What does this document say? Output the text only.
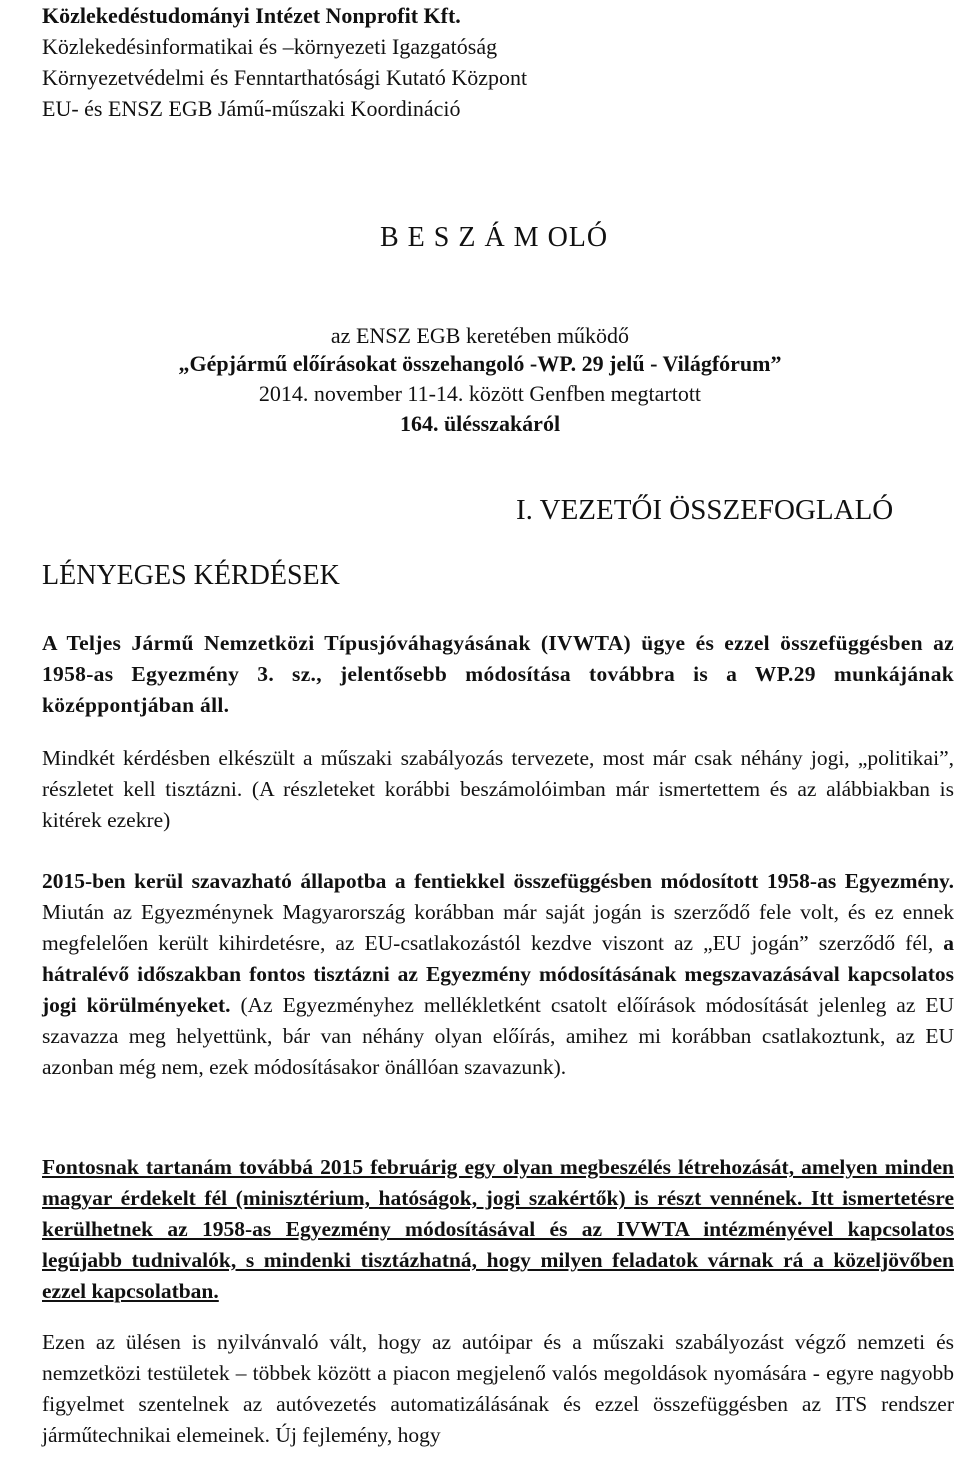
Közlekedéstudományi Intézet Nonprofit Kft.
Közlekedésinformatikai és –környezeti Igazgatóság
Környezetvédelmi és Fenntarthatósági Kutató Központ
EU- és ENSZ EGB Jámű-műszaki Koordináció
B E S Z Á M OLÓ
az ENSZ EGB keretében működő
„Gépjármű előírásokat összehangoló -WP. 29 jelű - Világfórum”
2014. november 11-14. között Genfben megtartott
164. ülésszakáról
I. VEZETŐI ÖSSZEFOGLALÓ
LÉNYEGES KÉRDÉSEK
A Teljes Jármű Nemzetközi Típusjóváhagyásának (IVWTA) ügye és ezzel összefüggésben az 1958-as Egyezmény 3. sz., jelentősebb módosítása továbbra is a WP.29 munkájának középpontjában áll.
Mindkét kérdésben elkészült a műszaki szabályozás tervezete, most már csak néhány jogi, „politikai”, részletet kell tisztázni. (A részleteket korábbi beszámolóimban már ismertettem és az alábbiakban is kitérek ezekre)
2015-ben kerül szavazható állapotba a fentiekkel összefüggésben módosított 1958-as Egyezmény. Miután az Egyezménynek Magyarország korábban már saját jogán is szerződő fele volt, és ez ennek megfelelően került kihirdetésre, az EU-csatlakozástól kezdve viszont az „EU jogán” szerződő fél, a hátralévő időszakban fontos tisztázni az Egyezmény módosításának megszavazásával kapcsolatos jogi körülményeket. (Az Egyezményhez mellékletként csatolt előírások módosítását jelenleg az EU szavazza meg helyettünk, bár van néhány olyan előírás, amihez mi korábban csatlakoztunk, az EU azonban még nem, ezek módosításakor önállóan szavazunk).
Fontosnak tartanám továbbá 2015 februárig egy olyan megbeszélés létrehozását, amelyen minden magyar érdekelt fél (minisztérium, hatóságok, jogi szakértők) is részt vennének. Itt ismertetésre kerülhetnek az 1958-as Egyezmény módosításával és az IVWTA intézményével kapcsolatos legújabb tudnivalók, s mindenki tisztázhatná, hogy milyen feladatok várnak rá a közeljövőben ezzel kapcsolatban.
Ezen az ülésen is nyilvánvaló vált, hogy az autóipar és a műszaki szabályozást végző nemzeti és nemzetközi testületek – többek között a piacon megjelenő valós megoldások nyomására - egyre nagyobb figyelmet szentelnek az autóvezetés automatizálásának és ezzel összefüggésben az ITS rendszer járműtechnikai elemeinek. Új fejlemény, hogy
